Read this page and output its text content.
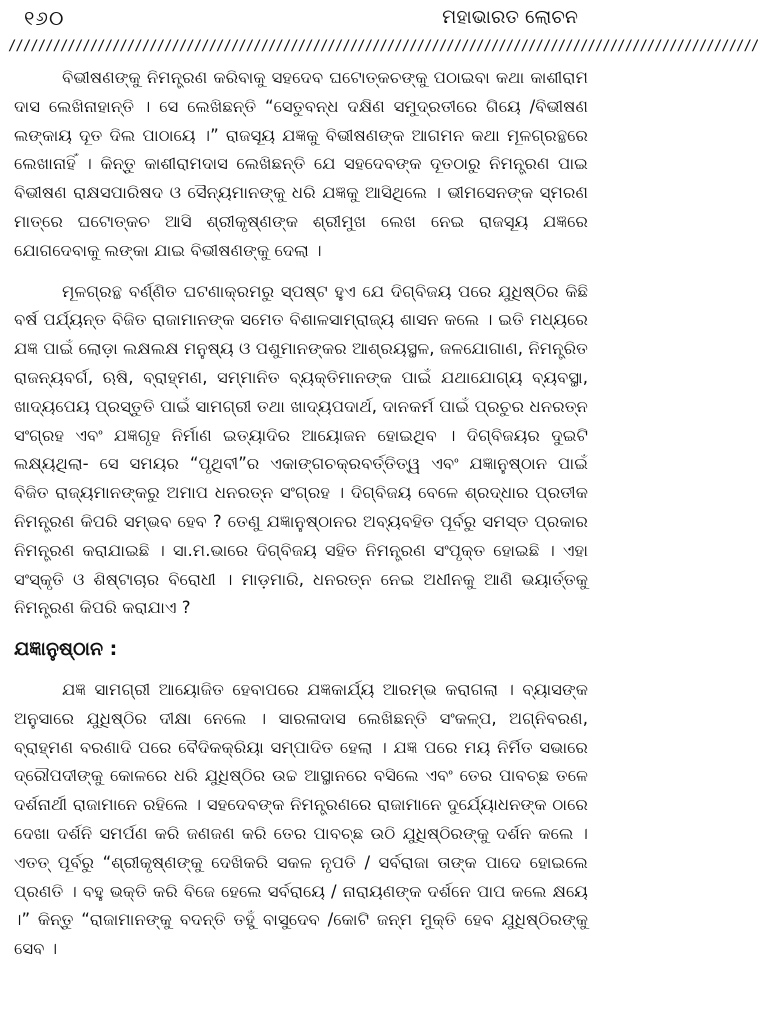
୧୬୦	ମହାଭାରତ ଲୋଚନ
/////////////////////////////////////////////////////////////////////////////////////////////////////

ବିଭୀଷଣଙ୍କୁ ନିମନ୍ତ୍ରଣ କରିବାକୁ ସହଦେବ ଘଟୋତ୍କଚଙ୍କୁ ପଠାଇବା କଥା କାଶୀରାମ ଦାସ ଲେଖିନାହାନ୍ତି । ସେ ଲେଖିଛନ୍ତି “ସେତୁବନ୍ଧ ଦକ୍ଷିଣ ସମୁଦ୍ରତୀରେ ଗିୟେ /ବିଭୀଷଣ ଲଙ୍କାୟ ଦୂତ ଦିଲ ପାଠାୟେ ।” ରାଜସୂୟ ଯଜ୍ଞକୁ ବିଭୀଷଣଙ୍କ ଆଗମନ କଥା ମୂଳଗ୍ରନ୍ଥରେ ଲେଖାନାହିଁ । କିନ୍ତୁ କାଶୀରାମଦାସ ଲେଖିଛନ୍ତି ଯେ ସହଦେବଙ୍କ ଦୂତଠାରୁ ନିମନ୍ତ୍ରଣ ପାଇ ବିଭୀଷଣ ରାକ୍ଷସପାରିଷଦ ଓ ସୈନ୍ୟମାନଙ୍କୁ ଧରି ଯଜ୍ଞକୁ ଆସିଥିଲେ । ଭୀମସେନଙ୍କ ସ୍ମରଣ ମାତ୍ରେ ଘଟୋତ୍କଚ ଆସି ଶ୍ରୀକୃଷ୍ଣଙ୍କ ଶ୍ରୀମୁଖ ଲେଖ ନେଇ ରାଜସୂୟ ଯଜ୍ଞରେ ଯୋଗଦେବାକୁ ଲଙ୍କା ଯାଇ ବିଭୀଷଣଙ୍କୁ ଦେଲା ।

ମୂଳଗ୍ରନ୍ଥ ବର୍ଣ୍ଣିତ ଘଟଣାକ୍ରମରୁ ସ୍ପଷ୍ଟ ହୁଏ ଯେ ଦିଗ୍ବିଜୟ ପରେ ଯୁଧିଷ୍ଠିର କିଛି ବର୍ଷ ପର୍ଯ୍ୟନ୍ତ ବିଜିତ ରାଜାମାନଙ୍କ ସମେତ ବିଶାଳସାମ୍ରାଜ୍ୟ ଶାସନ କଲେ । ଇତି ମଧ୍ୟରେ ଯଜ୍ଞ ପାଇଁ ଲୋଡ଼ା ଲକ୍ଷଲକ୍ଷ ମନୁଷ୍ୟ ଓ ପଶୁମାନଙ୍କର ଆଶ୍ରୟସ୍ଥଳ, ଜଳଯୋଗାଣ, ନିମନ୍ତ୍ରିତ ରାଜନ୍ୟବର୍ଗ, ଋଷି, ବ୍ରାହ୍ମଣ, ସମ୍ମାନିତ ବ୍ୟକ୍ତିମାନଙ୍କ ପାଇଁ ଯଥାଯୋଗ୍ୟ ବ୍ୟବସ୍ଥା, ଖାଦ୍ୟପେୟ ପ୍ରସ୍ତୁତି ପାଇଁ ସାମଗ୍ରୀ ତଥା ଖାଦ୍ୟପଦାର୍ଥ, ଦାନକର୍ମ ପାଇଁ ପ୍ରଚୁର ଧନରତ୍ନ ସଂଗ୍ରହ ଏବଂ ଯଜ୍ଞଗୃହ ନିର୍ମାଣ ଇତ୍ୟାଦିର ଆୟୋଜନ ହୋଇଥିବ । ଦିଗ୍ବିଜୟର ଦୁଇଟି ଲକ୍ଷ୍ୟଥିଲା- ସେ ସମୟର “ପୃଥିବୀ”ର ଏକାଙ୍ଗଚକ୍ରବର୍ତ୍ତିତ୍ୱ ଏବଂ ଯଜ୍ଞାନୁଷ୍ଠାନ ପାଇଁ ବିଜିତ ରାଜ୍ୟମାନଙ୍କରୁ ଅମାପ ଧନରତ୍ନ ସଂଗ୍ରହ । ଦିଗ୍ବିଜୟ ବେଳେ ଶ୍ରଦ୍ଧାର ପ୍ରତୀକ ନିମନ୍ତ୍ରଣ କିପରି ସମ୍ଭବ ହେବ ? ତେଣୁ ଯଜ୍ଞାନୁଷ୍ଠାନର ଅବ୍ୟବହିତ ପୂର୍ବରୁ ସମସ୍ତ ପ୍ରକାର ନିମନ୍ତ୍ରଣ କରାଯାଇଛି । ସା.ମ.ଭାରେ ଦିଗ୍ବିଜୟ ସହିତ ନିମନ୍ତ୍ରଣ ସଂପୃକ୍ତ ହୋଇଛି । ଏହା ସଂସ୍କୃତି ଓ ଶିଷ୍ଟାଚାର ବିରୋଧୀ । ମାଡ଼ମାରି, ଧନରତ୍ନ ନେଇ ଅଧୀନକୁ ଆଣି ଭୟାର୍ତ୍ତକୁ ନିମନ୍ତ୍ରଣ କିପରି କରାଯାଏ ?

ଯଜ୍ଞାନୁଷ୍ଠାନ :

ଯଜ୍ଞ ସାମଗ୍ରୀ ଆୟୋଜିତ ହେବାପରେ ଯଜ୍ଞକାର୍ଯ୍ୟ ଆରମ୍ଭ କରାଗଲା । ବ୍ୟାସଙ୍କ ଅନୁସାରେ ଯୁଧିଷ୍ଠିର ଦୀକ୍ଷା ନେଲେ । ସାରଳାଦାସ ଲେଖିଛନ୍ତି ସଂକଳ୍ପ, ଅଗ୍ନିବରଣ, ବ୍ରାହ୍ମଣ ବରଣାଦି ପରେ ବୈଦିକକ୍ରିୟା ସମ୍ପାଦିତ ହେଲା । ଯଜ୍ଞ ପରେ ମୟ ନିର୍ମିତ ସଭାରେ ଦ୍ରୌପଦୀଙ୍କୁ କୋଳରେ ଧରି ଯୁଧିଷ୍ଠିର ଉଚ୍ଚ ଆସ୍ଥାନରେ ବସିଲେ ଏବଂ ତେର ପାବଚ୍ଛ ତଳେ ଦର୍ଶନାର୍ଥୀ ରାଜାମାନେ ରହିଲେ । ସହଦେବଙ୍କ ନିମନ୍ତ୍ରଣରେ ରାଜାମାନେ ଦୁର୍ଯ୍ୟୋଧନଙ୍କ ଠାରେ ଦେଖା ଦର୍ଶନି ସମର୍ପଣ କରି ଜଣଜଣ କରି ତେର ପାବଚ୍ଛ ଉଠି ଯୁଧିଷ୍ଠିରଙ୍କୁ ଦର୍ଶନ କଲେ । ଏତତ୍ ପୂର୍ବରୁ “ଶ୍ରୀକୃଷ୍ଣଙ୍କୁ ଦେଖିକରି ସକଳ ନୃପତି / ସର୍ବରାଜା ତାଙ୍କ ପାଦେ ହୋଇଲେ ପ୍ରଣତି । ବହୁ ଭକ୍ତି କରି ବିଜେ ହେଲେ ସର୍ବରାୟେ / ନାରାୟଣଙ୍କ ଦର୍ଶନେ ପାପ କଲେ କ୍ଷୟେ ।” କିନ୍ତୁ “ରାଜାମାନଙ୍କୁ ବଦନ୍ତି ତହୁଁ ବାସୁଦେବ /କୋଟି ଜନ୍ମ ମୁକ୍ତି ହେବ ଯୁଧିଷ୍ଠିରଙ୍କୁ ସେବ ।
